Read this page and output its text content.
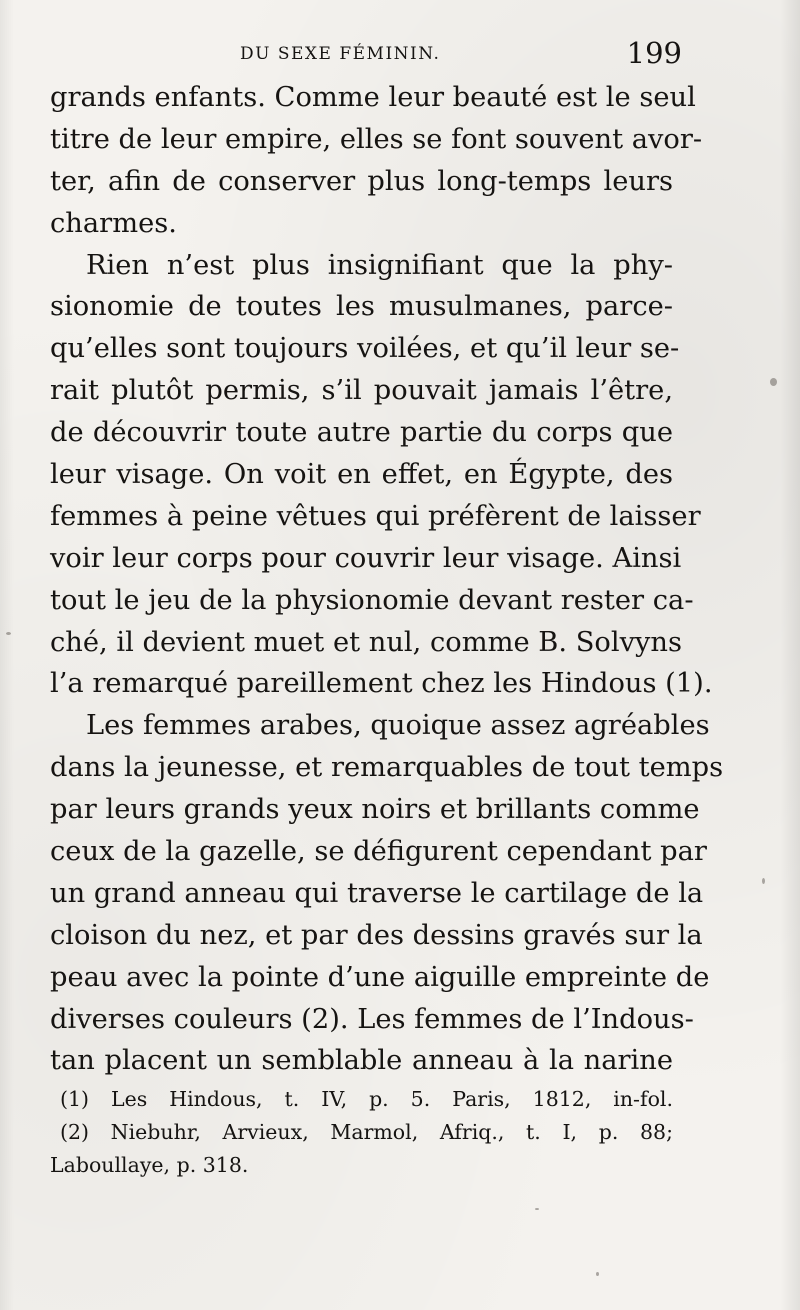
DU SEXE FÉMININ.	199
grands enfants. Comme leur beauté est le seul
titre de leur empire, elles se font souvent avor-
ter, afin de conserver plus long-temps leurs
charmes.
Rien n’est plus insignifiant que la phy-
sionomie de toutes les musulmanes, parce-
qu’elles sont toujours voilées, et qu’il leur se-
rait plutôt permis, s’il pouvait jamais l’être,
de découvrir toute autre partie du corps que
leur visage. On voit en effet, en Égypte, des
femmes à peine vêtues qui préfèrent de laisser
voir leur corps pour couvrir leur visage. Ainsi
tout le jeu de la physionomie devant rester ca-
ché, il devient muet et nul, comme B. Solvyns
l’a remarqué pareillement chez les Hindous (1).
Les femmes arabes, quoique assez agréables
dans la jeunesse, et remarquables de tout temps
par leurs grands yeux noirs et brillants comme
ceux de la gazelle, se défigurent cependant par
un grand anneau qui traverse le cartilage de la
cloison du nez, et par des dessins gravés sur la
peau avec la pointe d’une aiguille empreinte de
diverses couleurs (2). Les femmes de l’Indous-
tan placent un semblable anneau à la narine
(1) Les Hindous, t. IV, p. 5. Paris, 1812, in-fol.
(2) Niebuhr, Arvieux, Marmol, Afriq., t. I, p. 88;
Laboullaye, p. 318.
